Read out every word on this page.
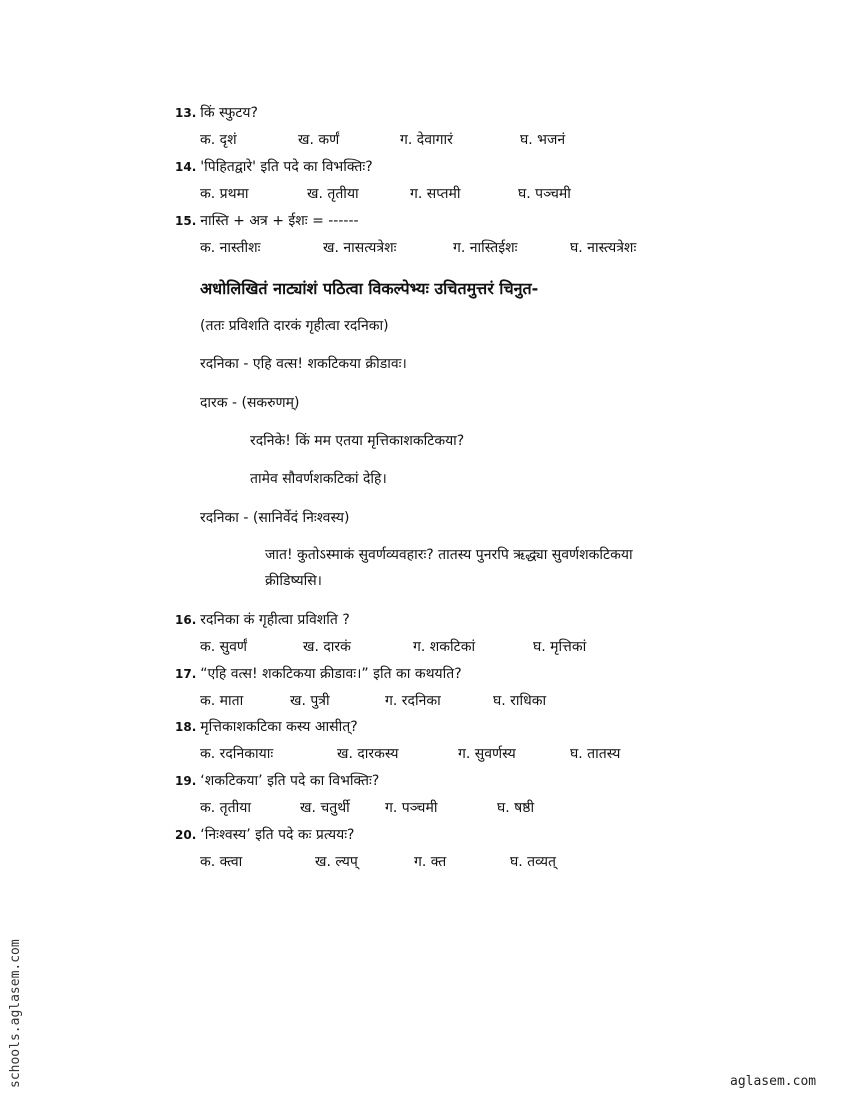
अधोलिखितं नाट्यांशं पठित्वा विकल्पेभ्यः उचितमुत्तरं चिनुत-
(ततः प्रविशति दारकं गृहीत्वा रदनिका)
रदनिका - एहि वत्स! शकटिकया क्रीडावः।
दारक - (सकरुणम्)
रदनिके! किं मम एतया मृत्तिकाशकटिकया?
तामेव सौवर्णशकटिकां देहि।
रदनिका - (सानिर्वेदं निःश्वस्य)
जात! कुतोऽस्माकं सुवर्णव्यवहारः? तातस्य पुनरपि ऋद्ध्या सुवर्णशकटिकया
क्रीडिष्यसि।
schools.aglasem.com	aglasem.com
13. किं स्फुटय?
क. दृशं	ख. कर्णं	ग. देवागारं	घ. भजनं
14. 'पिहितद्वारे' इति पदे का विभक्तिः?
क. प्रथमा	ख. तृतीया	ग. सप्तमी	घ. पञ्चमी
15. नास्ति + अत्र + ईशः = ------
क. नास्तीशः	ख. नासत्यत्रेशः	ग. नास्तिईशः	घ. नास्त्यत्रेशः
16. रदनिका कं गृहीत्वा प्रविशति ?
क. सुवर्णं	ख. दारकं	ग. शकटिकां	घ. मृत्तिकां
17. “एहि वत्स! शकटिकया क्रीडावः।” इति का कथयति?
क. माता	ख. पुत्री	ग. रदनिका	घ. राधिका
18. मृत्तिकाशकटिका कस्य आसीत्?
क. रदनिकायाः	ख. दारकस्य	ग. सुवर्णस्य	घ. तातस्य
19. ‘शकटिकया’ इति पदे का विभक्तिः?
क. तृतीया	ख. चतुर्थी	ग. पञ्चमी	घ. षष्ठी
20. ‘निःश्वस्य’ इति पदे कः प्रत्ययः?
क. क्त्वा	ख. ल्यप्	ग. क्त	घ. तव्यत्
